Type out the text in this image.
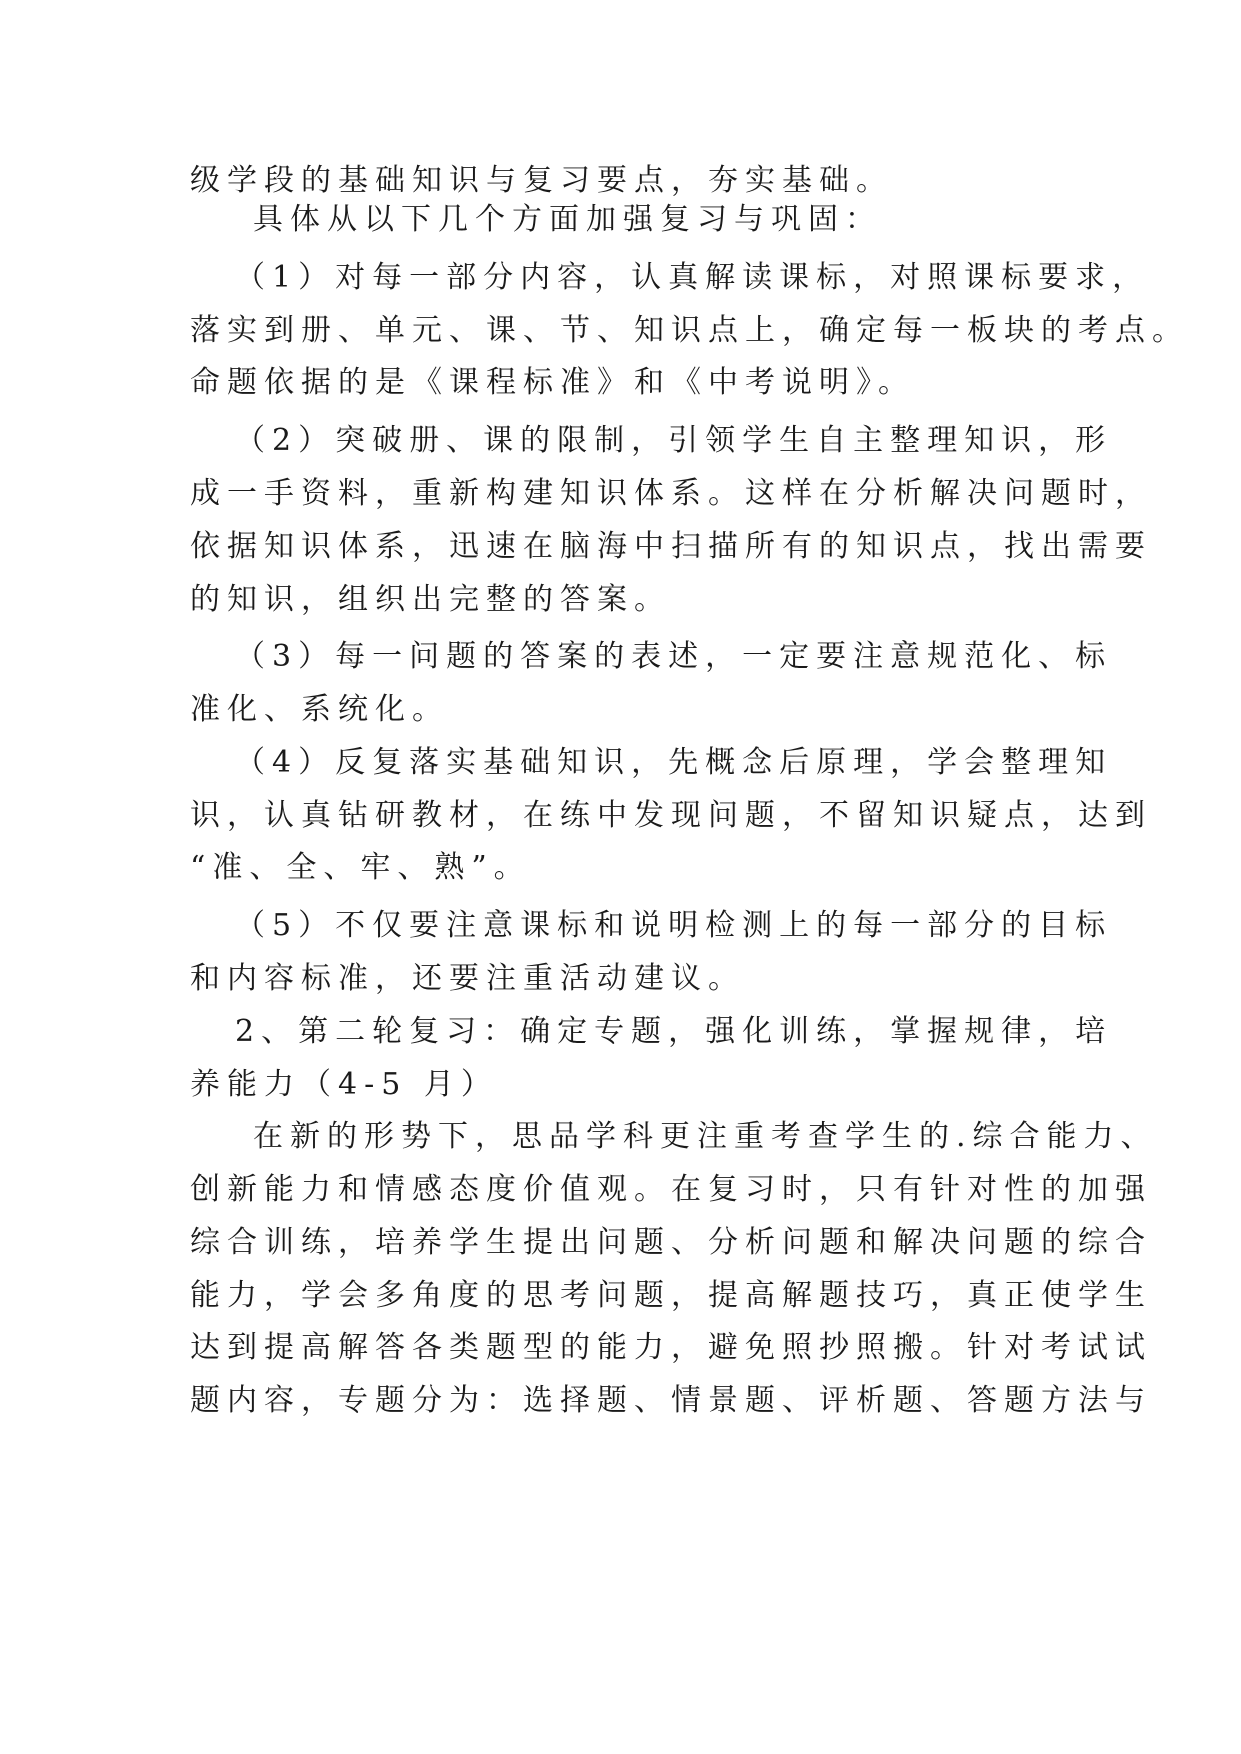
级学段的基础知识与复习要点，夯实基础。
具体从以下几个方面加强复习与巩固：
（1）对每一部分内容，认真解读课标，对照课标要求，
落实到册、单元、课、节、知识点上，确定每一板块的考点。
命题依据的是《课程标准》和《中考说明》。
（2）突破册、课的限制，引领学生自主整理知识，形
成一手资料，重新构建知识体系。这样在分析解决问题时，
依据知识体系，迅速在脑海中扫描所有的知识点，找出需要
的知识，组织出完整的答案。
（3）每一问题的答案的表述，一定要注意规范化、标
准化、系统化。
（4）反复落实基础知识，先概念后原理，学会整理知
识，认真钻研教材，在练中发现问题，不留知识疑点，达到
“准、全、牢、熟”。
（5）不仅要注意课标和说明检测上的每一部分的目标
和内容标准，还要注重活动建议。
2、第二轮复习：确定专题，强化训练，掌握规律，培
养能力（4-5 月）
在新的形势下，思品学科更注重考查学生的.综合能力、
创新能力和情感态度价值观。在复习时，只有针对性的加强
综合训练，培养学生提出问题、分析问题和解决问题的综合
能力，学会多角度的思考问题，提高解题技巧，真正使学生
达到提高解答各类题型的能力，避免照抄照搬。针对考试试
题内容，专题分为：选择题、情景题、评析题、答题方法与
